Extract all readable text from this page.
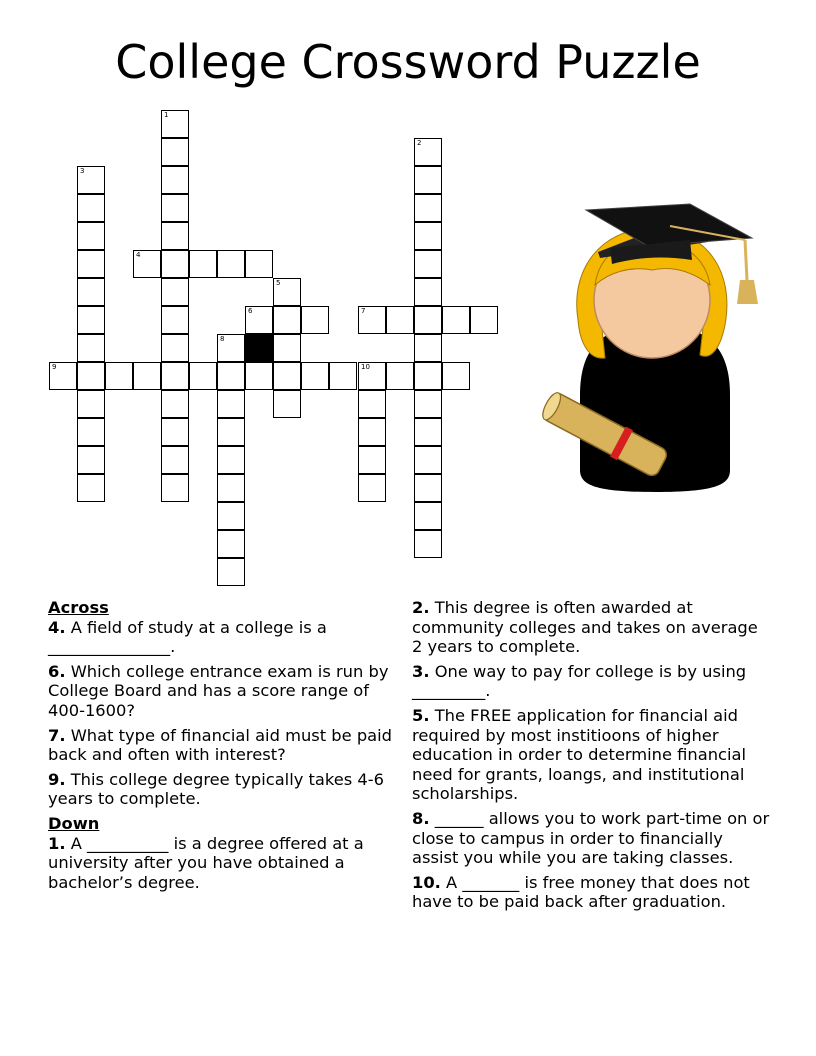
College Crossword Puzzle
1
2
3
4
5
6	7
8
9	10

Across

4. A field of study at a college is a _______________.

6. Which college entrance exam is run by College Board and has a score range of 400-1600?

7. What type of financial aid must be paid back and often with interest?

9. This college degree typically takes 4-6 years to complete.

Down

1. A __________ is a degree offered at a university after you have obtained a bachelor’s degree.

2. This degree is often awarded at community colleges and takes on average 2 years to complete.

3. One way to pay for college is by using _________.

5. The FREE application for financial aid required by most institioons of higher education in order to determine financial need for grants, loangs, and institutional scholarships.

8. ______ allows you to work part-time on or close to campus in order to financially assist you while you are taking classes.

10. A _______ is free money that does not have to be paid back after graduation.
